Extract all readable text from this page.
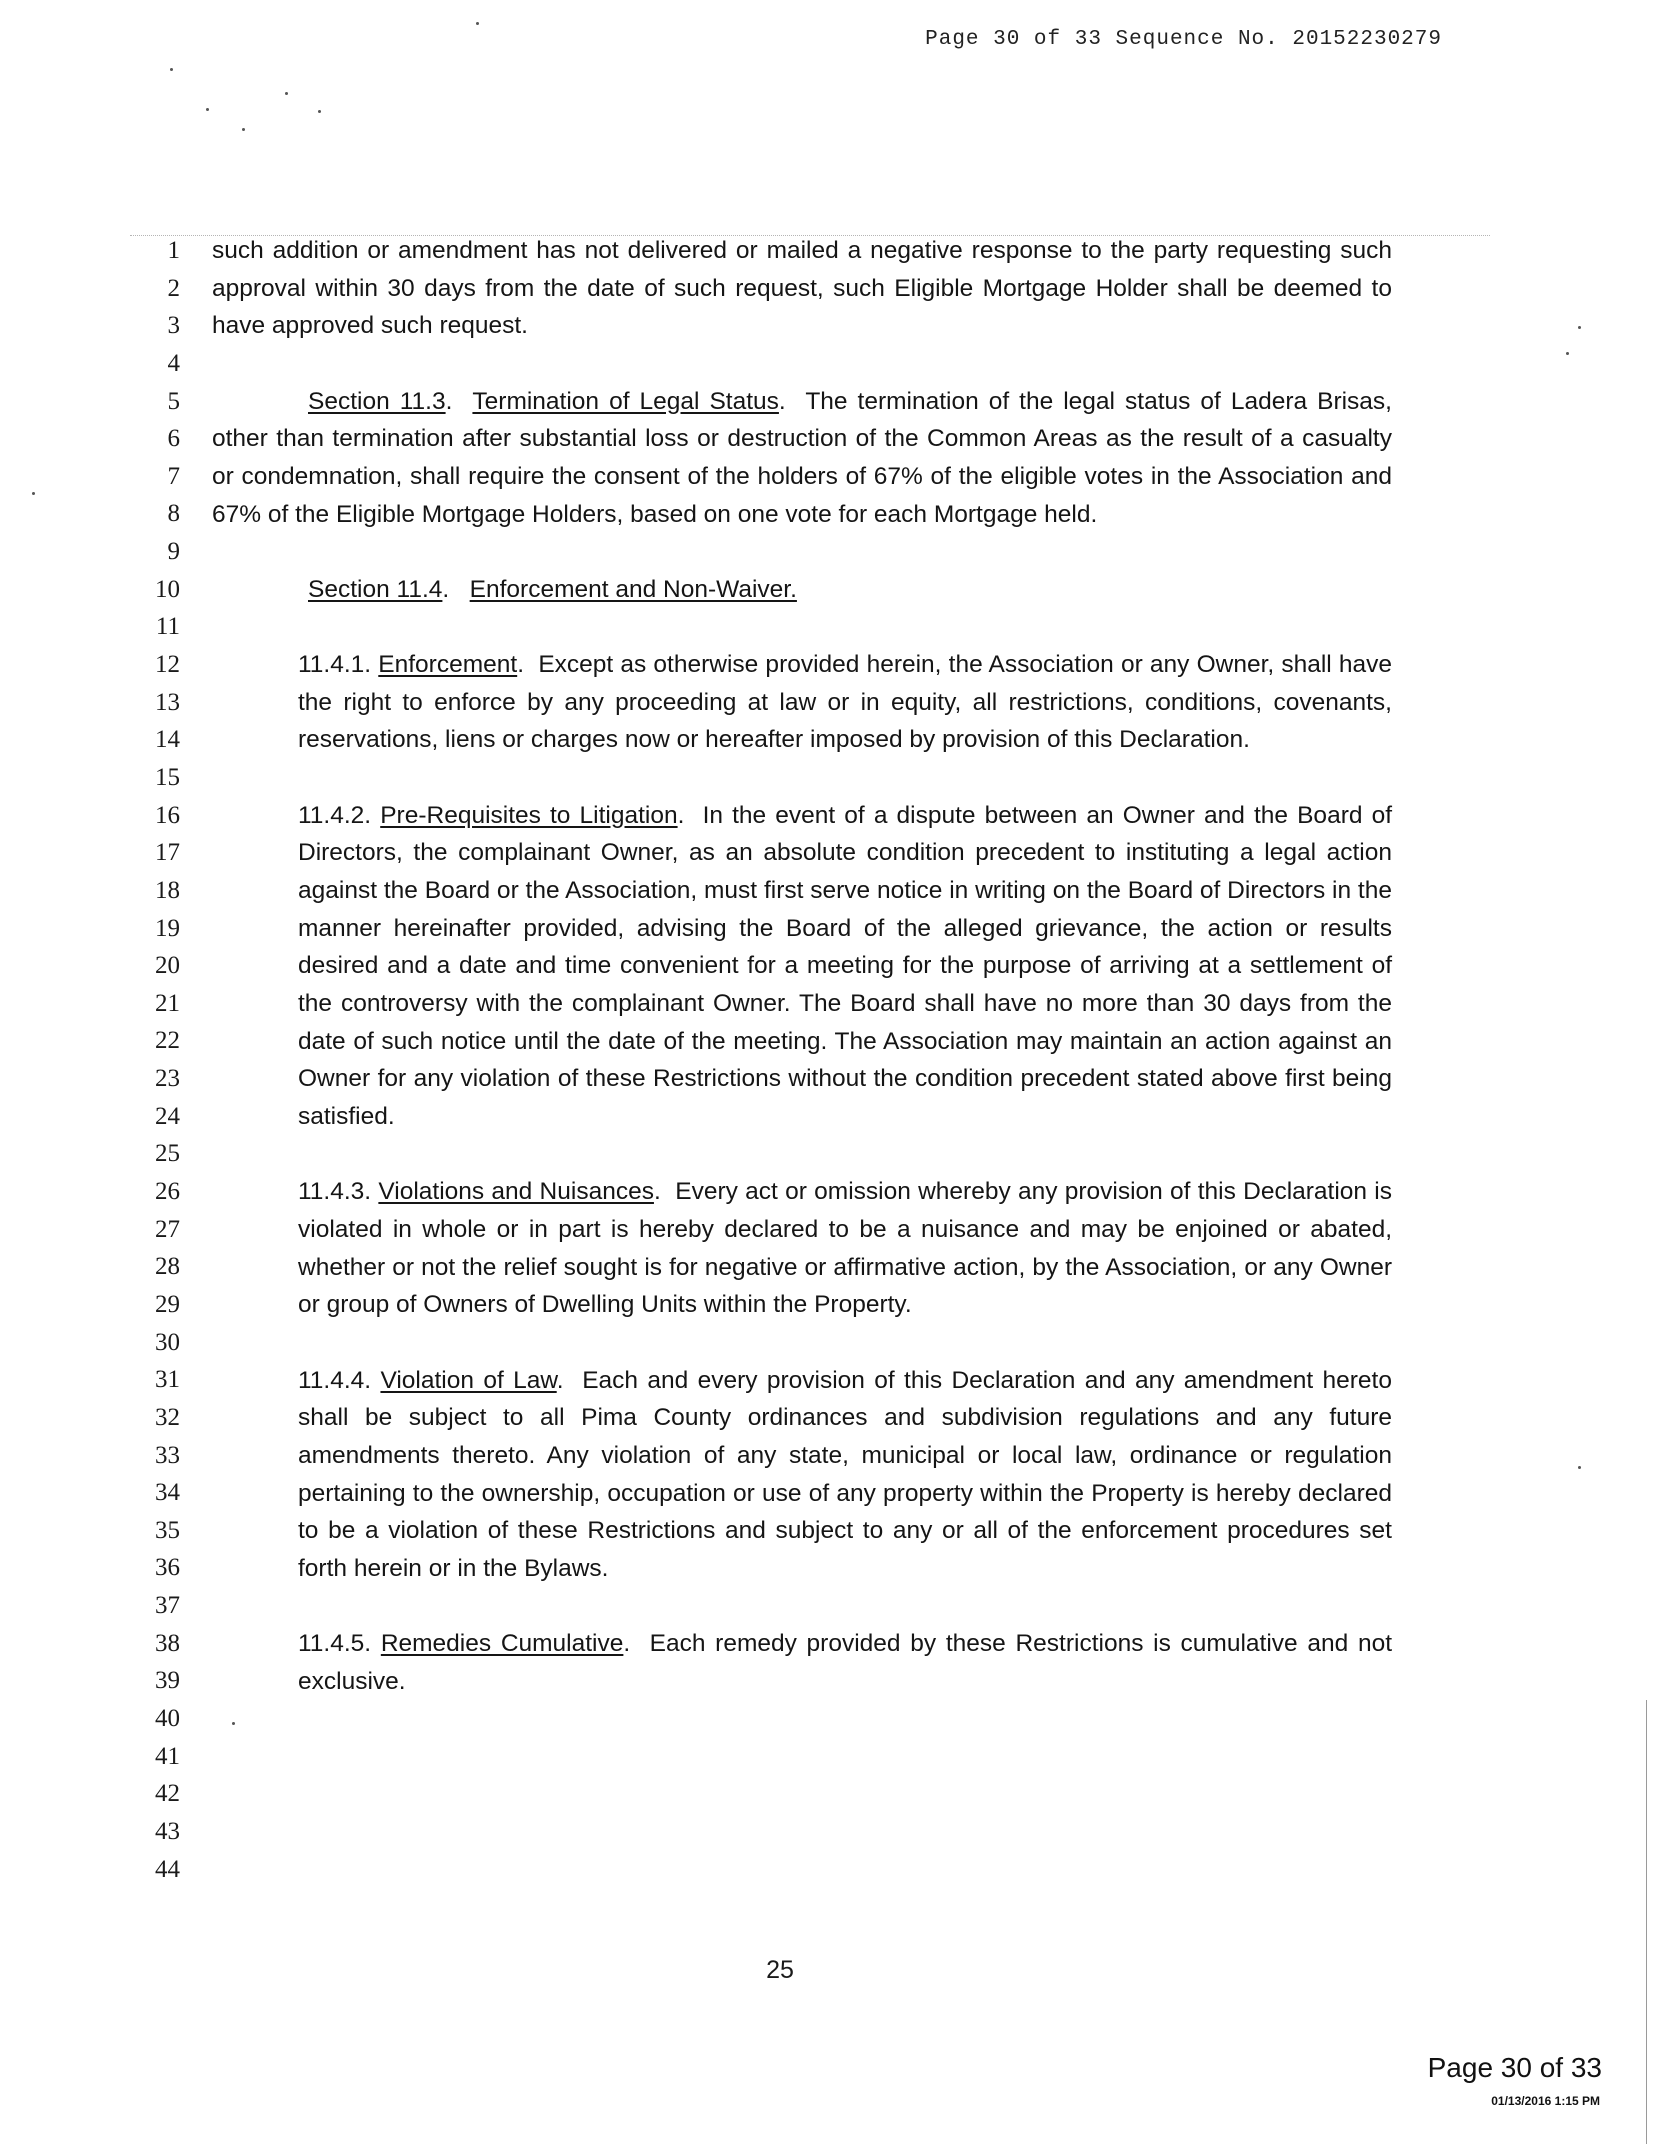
Page 30 of 33 Sequence No. 20152230279
1
2
3
4
5
6
7
8
9
10
11
12
13
14
15
16
17
18
19
20
21
22
23
24
25
26
27
28
29
30
31
32
33
34
35
36
37
38
39
40
41
42
43
44

such addition or amendment has not delivered or mailed a negative response to the party requesting such approval within 30 days from the date of such request, such Eligible Mortgage Holder shall be deemed to have approved such request.

Section 11.3.  Termination of Legal Status.  The termination of the legal status of Ladera Brisas, other than termination after substantial loss or destruction of the Common Areas as the result of a casualty or condemnation, shall require the consent of the holders of 67% of the eligible votes in the Association and 67% of the Eligible Mortgage Holders, based on one vote for each Mortgage held.

Section 11.4.   Enforcement and Non-Waiver.

11.4.1. Enforcement.  Except as otherwise provided herein, the Association or any Owner, shall have the right to enforce by any proceeding at law or in equity, all restrictions, conditions, covenants, reservations, liens or charges now or hereafter imposed by provision of this Declaration.

11.4.2. Pre-Requisites to Litigation.  In the event of a dispute between an Owner and the Board of Directors, the complainant Owner, as an absolute condition precedent to instituting a legal action against the Board or the Association, must first serve notice in writing on the Board of Directors in the manner hereinafter provided, advising the Board of the alleged grievance, the action or results desired and a date and time convenient for a meeting for the purpose of arriving at a settlement of the controversy with the complainant Owner. The Board shall have no more than 30 days from the date of such notice until the date of the meeting. The Association may maintain an action against an Owner for any violation of these Restrictions without the condition precedent stated above first being satisfied.

11.4.3. Violations and Nuisances.  Every act or omission whereby any provision of this Declaration is violated in whole or in part is hereby declared to be a nuisance and may be enjoined or abated, whether or not the relief sought is for negative or affirmative action, by the Association, or any Owner or group of Owners of Dwelling Units within the Property.

11.4.4. Violation of Law.  Each and every provision of this Declaration and any amendment hereto shall be subject to all Pima County ordinances and subdivision regulations and any future amendments thereto. Any violation of any state, municipal or local law, ordinance or regulation pertaining to the ownership, occupation or use of any property within the Property is hereby declared to be a violation of these Restrictions and subject to any or all of the enforcement procedures set forth herein or in the Bylaws.

11.4.5. Remedies Cumulative.  Each remedy provided by these Restrictions is cumulative and not exclusive.

25
Page 30 of 33
01/13/2016 1:15 PM
